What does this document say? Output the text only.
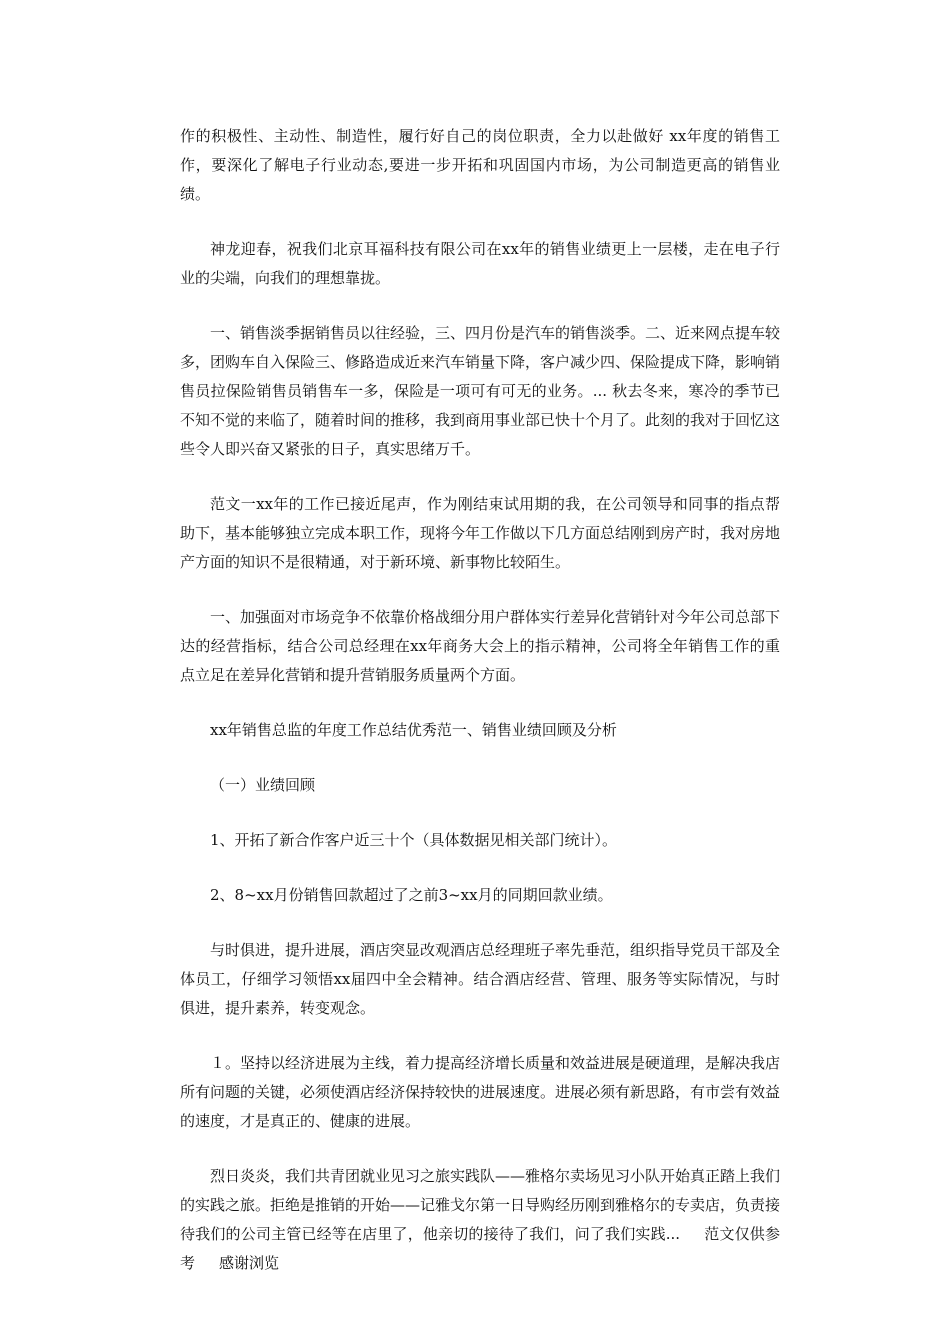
作的积极性、主动性、制造性，履行好自己的岗位职责，全力以赴做好 xx年度的销售工作，要深化了解电子行业动态,要进一步开拓和巩固国内市场，为公司制造更高的销售业绩。

神龙迎春，祝我们北京耳福科技有限公司在xx年的销售业绩更上一层楼，走在电子行业的尖端，向我们的理想靠拢。

一、销售淡季据销售员以往经验，三、四月份是汽车的销售淡季。二、近来网点提车较多，团购车自入保险三、修路造成近来汽车销量下降，客户减少四、保险提成下降，影响销售员拉保险销售员销售车一多，保险是一项可有可无的业务。... 秋去冬来，寒冷的季节已不知不觉的来临了，随着时间的推移，我到商用事业部已快十个月了。此刻的我对于回忆这些令人即兴奋又紧张的日子，真实思绪万千。

范文一xx年的工作已接近尾声，作为刚结束试用期的我，在公司领导和同事的指点帮助下，基本能够独立完成本职工作，现将今年工作做以下几方面总结刚到房产时，我对房地产方面的知识不是很精通，对于新环境、新事物比较陌生。

一、加强面对市场竞争不依靠价格战细分用户群体实行差异化营销针对今年公司总部下达的经营指标，结合公司总经理在xx年商务大会上的指示精神，公司将全年销售工作的重点立足在差异化营销和提升营销服务质量两个方面。

xx年销售总监的年度工作总结优秀范一、销售业绩回顾及分析

（一）业绩回顾

1、开拓了新合作客户近三十个（具体数据见相关部门统计）。

2、8~xx月份销售回款超过了之前3~xx月的同期回款业绩。

与时俱进，提升进展，酒店突显改观酒店总经理班子率先垂范，组织指导党员干部及全体员工，仔细学习领悟xx届四中全会精神。结合酒店经营、管理、服务等实际情况，与时俱进，提升素养，转变观念。

１。坚持以经济进展为主线，着力提高经济增长质量和效益进展是硬道理，是解决我店所有问题的关键，必须使酒店经济保持较快的进展速度。进展必须有新思路，有市尝有效益的速度，才是真正的、健康的进展。

烈日炎炎，我们共青团就业见习之旅实践队——雅格尔卖场见习小队开始真正踏上我们的实践之旅。拒绝是推销的开始——记雅戈尔第一日导购经历刚到雅格尔的专卖店，负责接待我们的公司主管已经等在店里了，他亲切的接待了我们，问了我们实践... 范文仅供参考 感谢浏览
